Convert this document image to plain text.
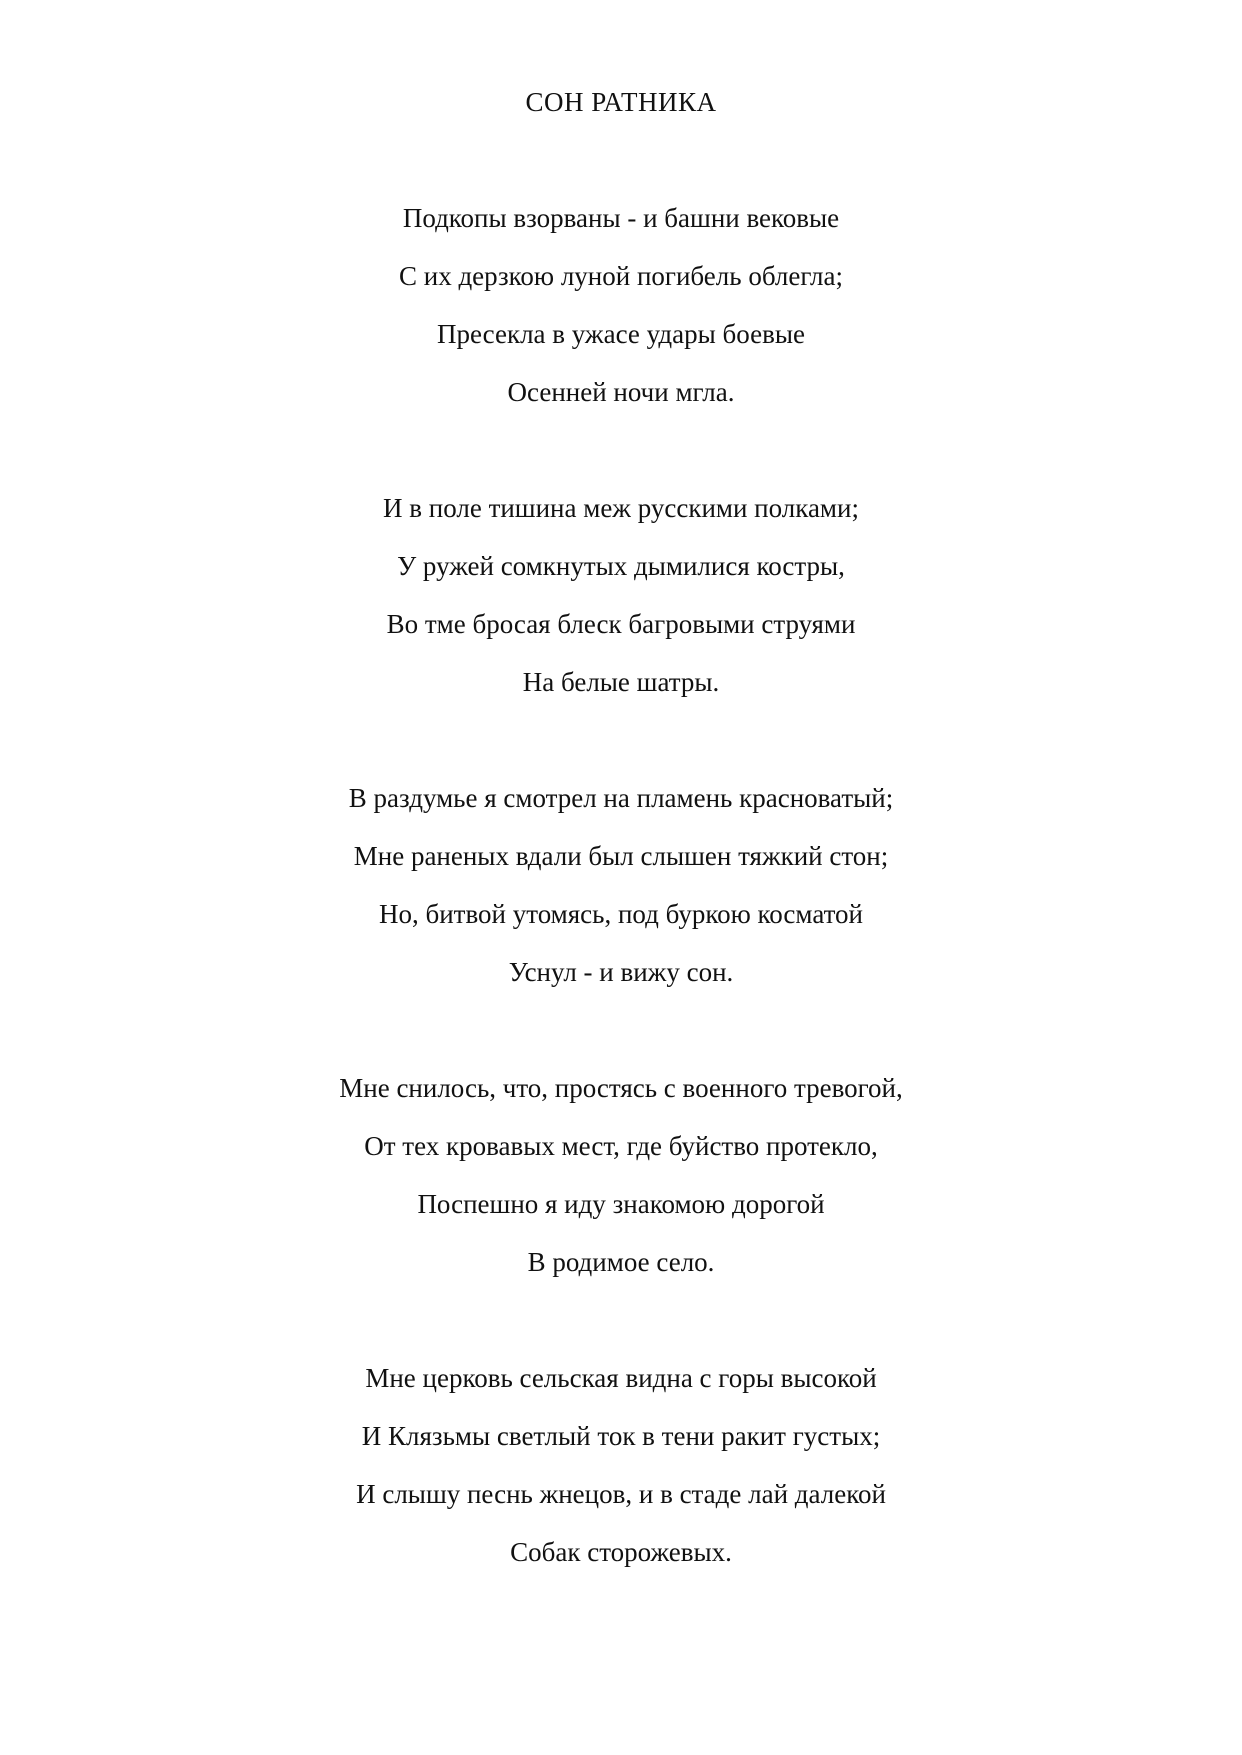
СОН РАТНИКА
Подкопы взорваны - и башни вековые
С их дерзкою луной погибель облегла;
Пресекла в ужасе удары боевые
Осенней ночи мгла.
И в поле тишина меж русскими полками;
У ружей сомкнутых дымилися костры,
Во тме бросая блеск багровыми струями
На белые шатры.
В раздумье я смотрел на пламень красноватый;
Мне раненых вдали был слышен тяжкий стон;
Но, битвой утомясь, под буркою косматой
Уснул - и вижу сон.
Мне снилось, что, простясь с военного тревогой,
От тех кровавых мест, где буйство протекло,
Поспешно я иду знакомою дорогой
В родимое село.
Мне церковь сельская видна с горы высокой
И Клязьмы светлый ток в тени ракит густых;
И слышу песнь жнецов, и в стаде лай далекой
Собак сторожевых.
